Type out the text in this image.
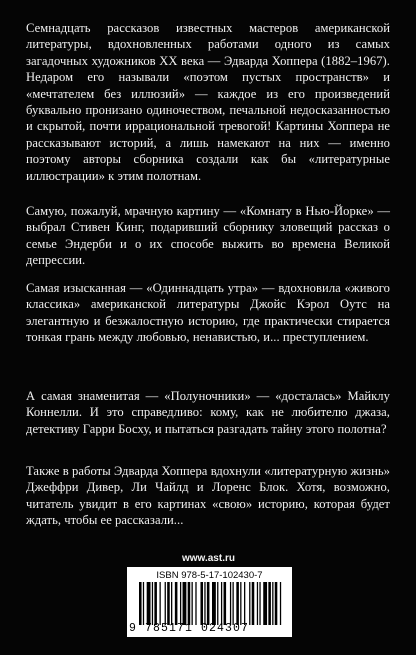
Семнадцать рассказов известных мастеров американской литературы, вдохновленных работами одного из самых загадочных художников XX века — Эдварда Хоппера (1882–1967). Недаром его называли «поэтом пустых пространств» и «мечтателем без иллюзий» — каждое из его произведений буквально пронизано одиночеством, печальной недосказанностью и скрытой, почти иррациональной тревогой! Картины Хоппера не рассказывают историй, а лишь намекают на них — именно поэтому авторы сборника создали как бы «литературные иллюстрации» к этим полотнам.

Самую, пожалуй, мрачную картину — «Комнату в Нью-Йорке» — выбрал Стивен Кинг, подаривший сборнику зловещий рассказ о семье Эндерби и о их способе выжить во времена Великой депрессии.

Самая изысканная — «Одиннадцать утра» — вдохновила «живого классика» американской литературы Джойс Кэрол Оутс на элегантную и безжалостную историю, где практически стирается тонкая грань между любовью, ненавистью, и... преступлением.

А самая знаменитая — «Полуночники» — «досталась» Майклу Коннелли. И это справедливо: кому, как не любителю джаза, детективу Гарри Босху, и пытаться разгадать тайну этого полотна?

Также в работы Эдварда Хоппера вдохнули «литературную жизнь» Джеффри Дивер, Ли Чайлд и Лоренс Блок. Хотя, возможно, читатель увидит в его картинах «свою» историю, которая будет ждать, чтобы ее рассказали...

www.ast.ru
ISBN 978-5-17-102430-7
9 785171 024307
